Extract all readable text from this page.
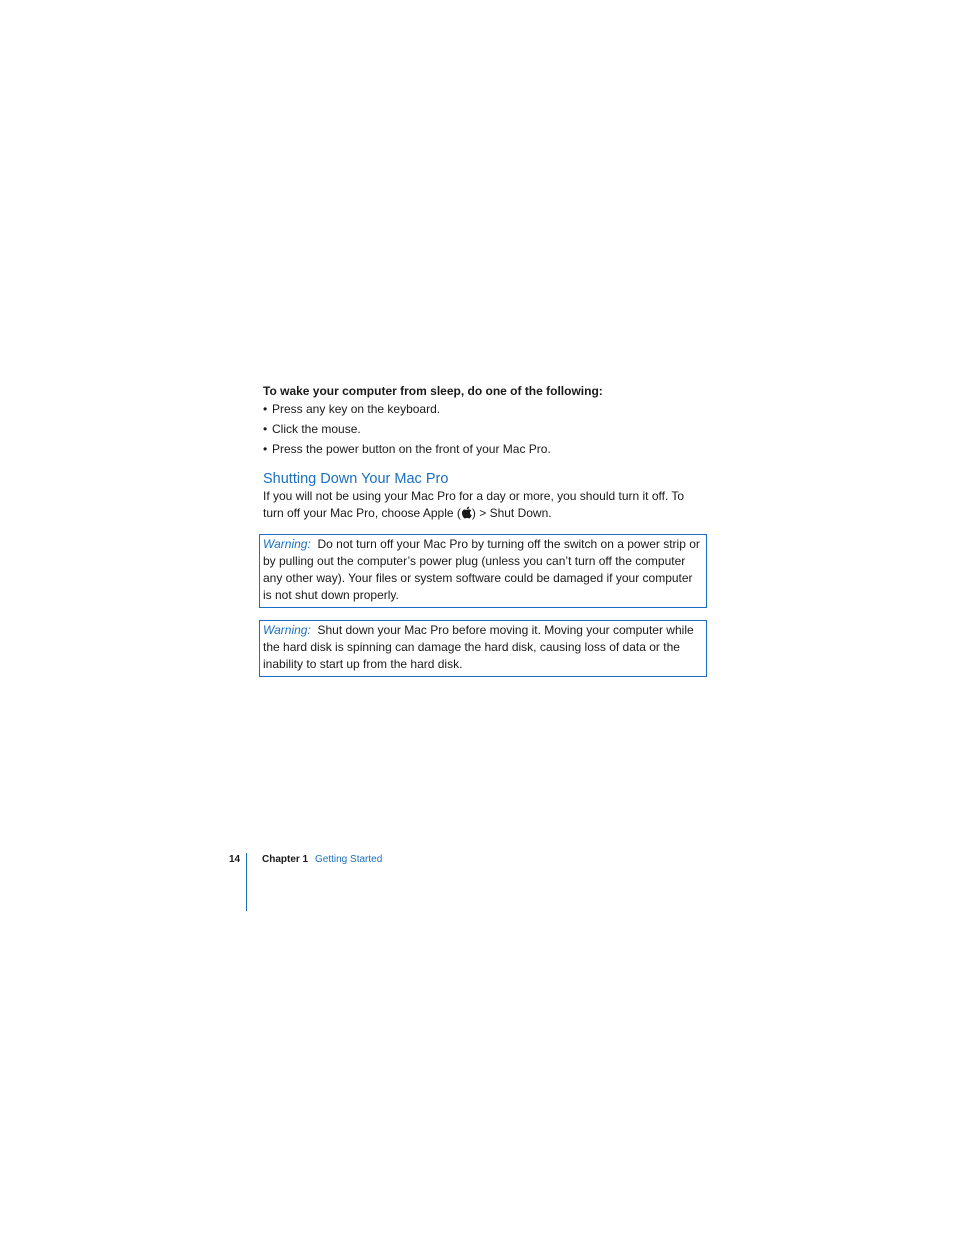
To wake your computer from sleep, do one of the following:

• Press any key on the keyboard.
• Click the mouse.
• Press the power button on the front of your Mac Pro.
Shutting Down Your Mac Pro

If you will not be using your Mac Pro for a day or more, you should turn it off. To turn off your Mac Pro, choose Apple ( ) > Shut Down.

Warning: Do not turn off your Mac Pro by turning off the switch on a power strip or by pulling out the computer’s power plug (unless you can’t turn off the computer any other way). Your files or system software could be damaged if your computer is not shut down properly.
Warning: Shut down your Mac Pro before moving it. Moving your computer while the hard disk is spinning can damage the hard disk, causing loss of data or the inability to start up from the hard disk.
14 Chapter 1 Getting Started
